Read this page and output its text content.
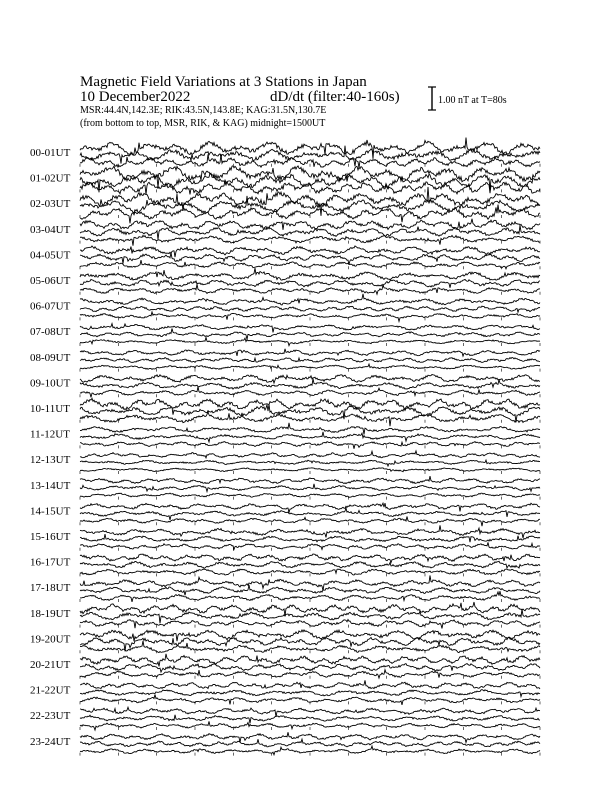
Magnetic Field Variations at 3 Stations in Japan
10 December2022	dD/dt (filter:40-160s)
MSR:44.4N,142.3E; RIK:43.5N,143.8E; KAG:31.5N,130.7E
(from bottom to top, MSR, RIK, & KAG) midnight=1500UT
1.00 nT at T=80s
00-01UT
01-02UT
02-03UT
03-04UT
04-05UT
05-06UT
06-07UT
07-08UT
08-09UT
09-10UT
10-11UT
11-12UT
12-13UT
13-14UT
14-15UT
15-16UT
16-17UT
17-18UT
18-19UT
19-20UT
20-21UT
21-22UT
22-23UT
23-24UT
